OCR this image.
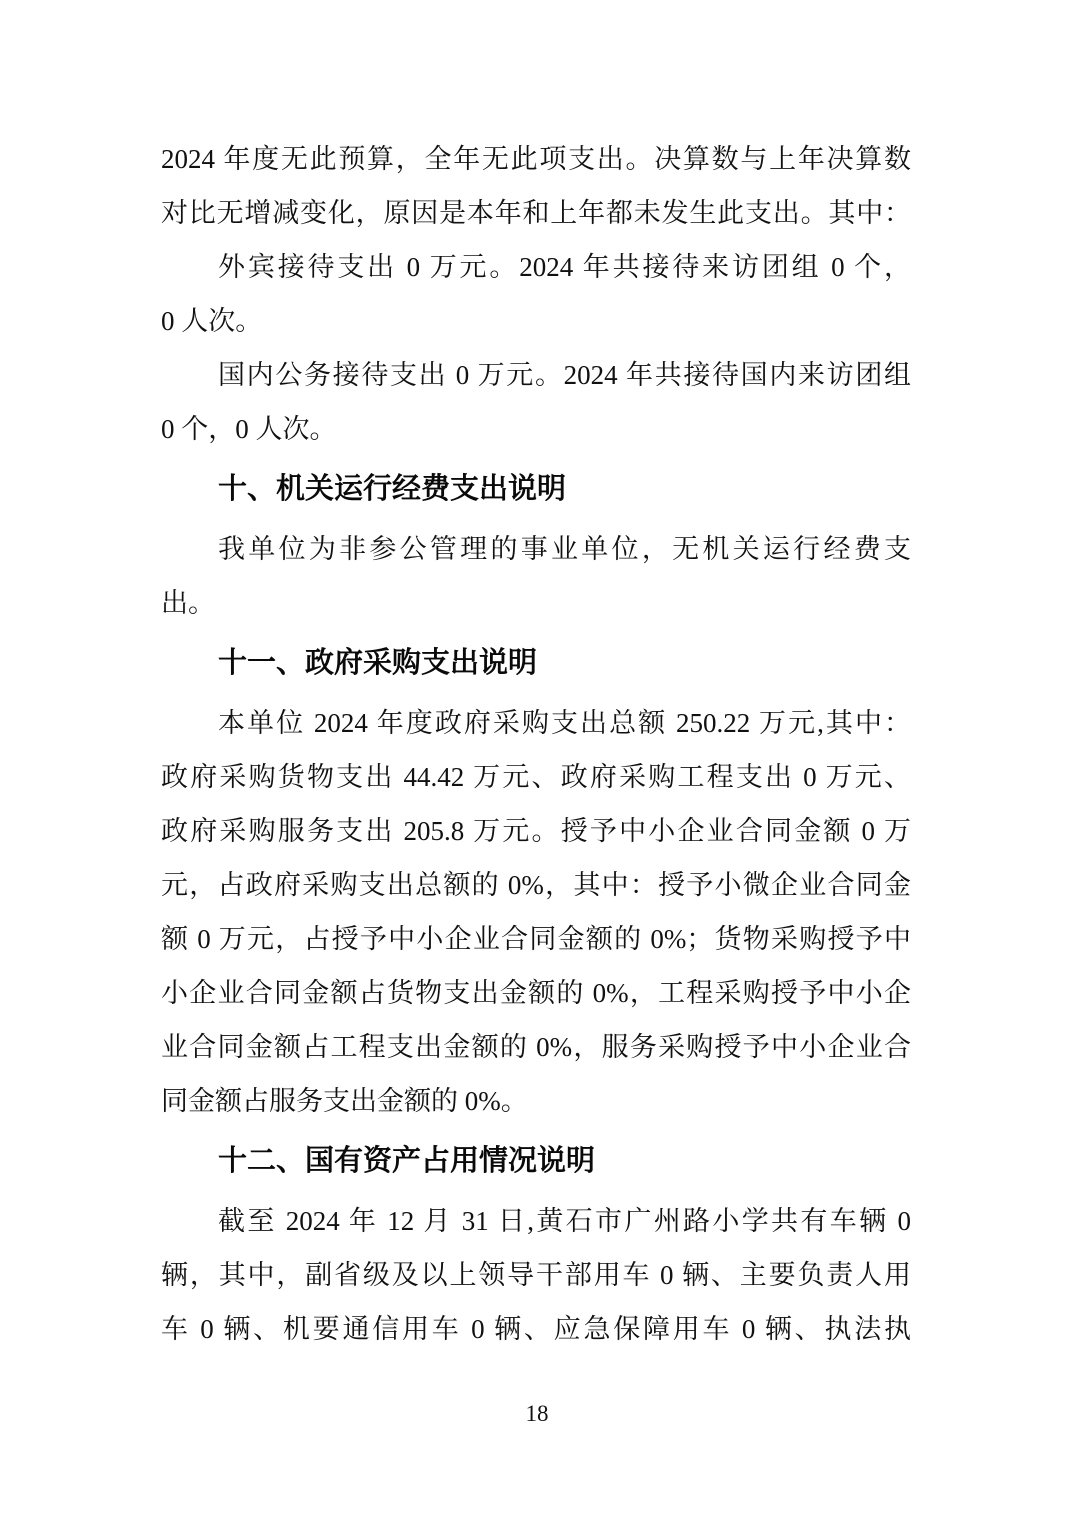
2024 年度无此预算，全年无此项支出。决算数与上年决算数
对比无增减变化，原因是本年和上年都未发生此支出。其中：
外宾接待支出 0 万元。2024 年共接待来访团组 0 个，
0 人次。
国内公务接待支出 0 万元。2024 年共接待国内来访团组
0 个，0 人次。
十、机关运行经费支出说明
我单位为非参公管理的事业单位，无机关运行经费支
出。
十一、政府采购支出说明
本单位 2024 年度政府采购支出总额 250.22 万元,其中：
政府采购货物支出 44.42 万元、政府采购工程支出 0 万元、
政府采购服务支出 205.8 万元。授予中小企业合同金额 0 万
元，占政府采购支出总额的 0%，其中：授予小微企业合同金
额 0 万元，占授予中小企业合同金额的 0%；货物采购授予中
小企业合同金额占货物支出金额的 0%，工程采购授予中小企
业合同金额占工程支出金额的 0%，服务采购授予中小企业合
同金额占服务支出金额的 0%。
十二、国有资产占用情况说明
截至 2024 年 12 月 31 日,黄石市广州路小学共有车辆 0
辆，其中，副省级及以上领导干部用车 0 辆、主要负责人用
车 0 辆、机要通信用车 0 辆、应急保障用车 0 辆、执法执
18
